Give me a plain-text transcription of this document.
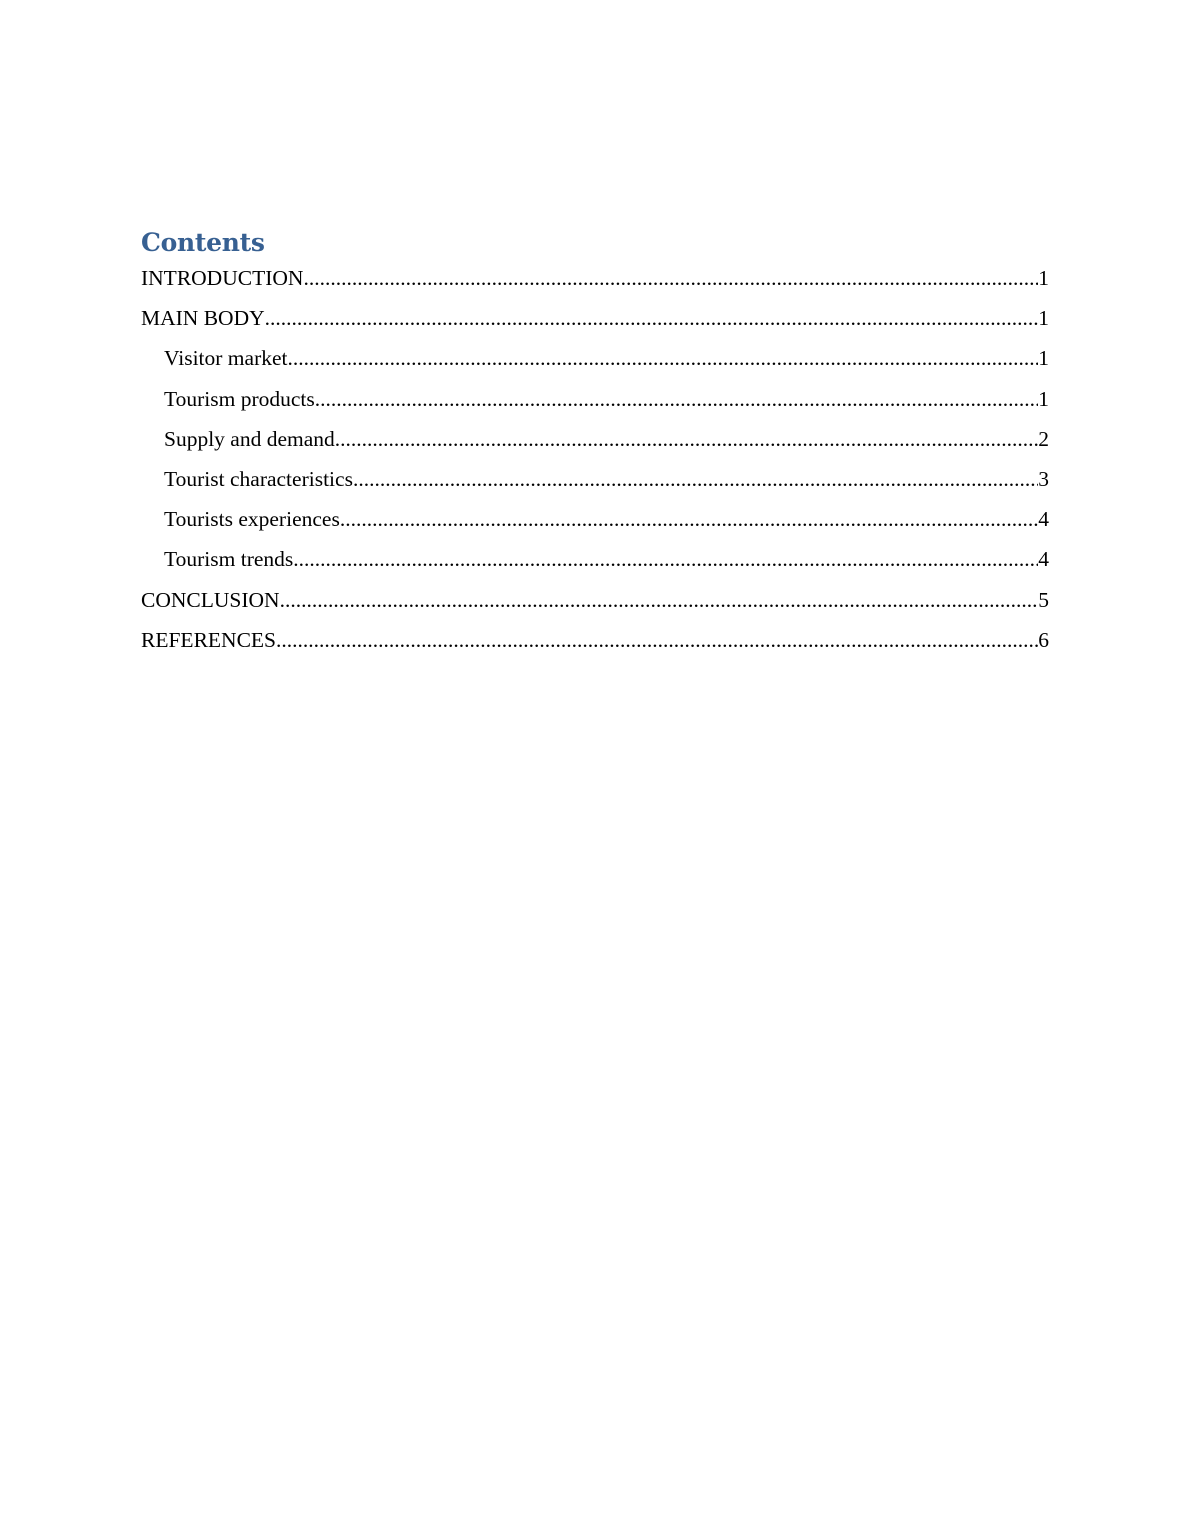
Contents
INTRODUCTION .....	1
MAIN BODY .....	1
Visitor market .....	1
Tourism products .....	1
Supply and demand .....	2
Tourist characteristics .....	3
Tourists experiences .....	4
Tourism trends .....	4
CONCLUSION .....	5
REFERENCES .....	6
